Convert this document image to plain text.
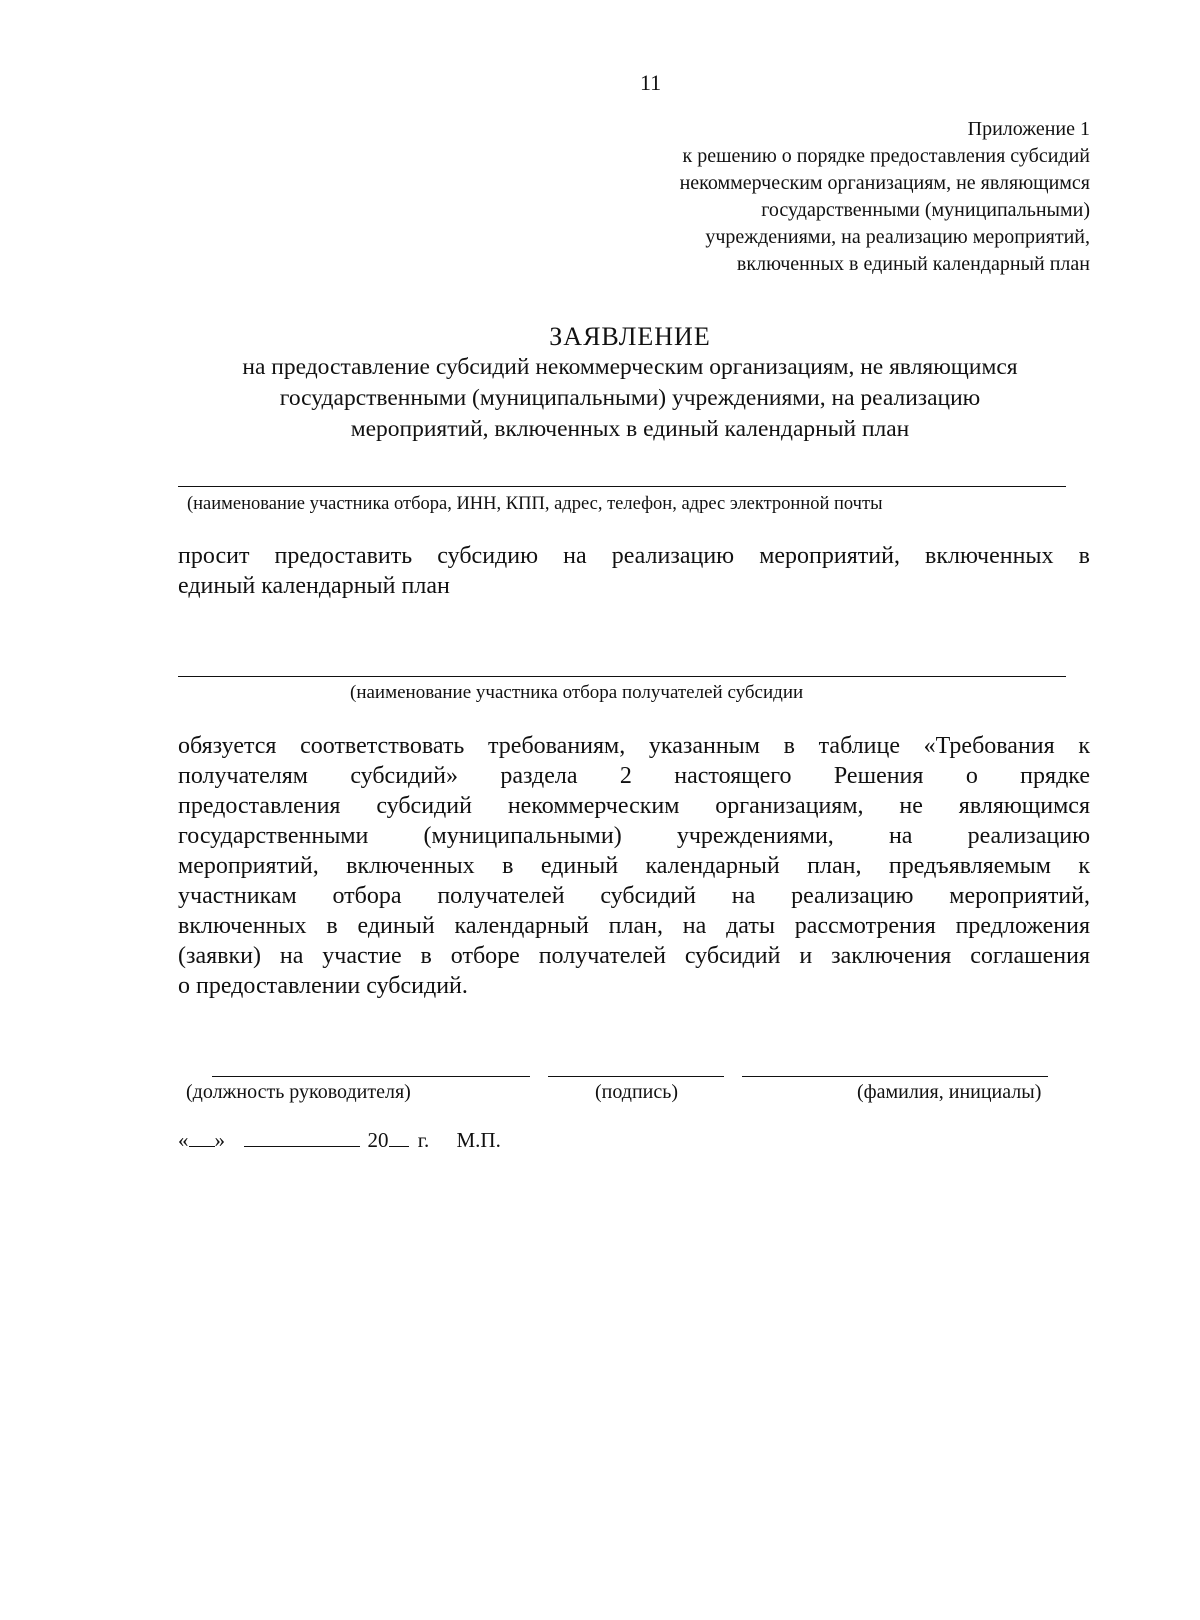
11
Приложение 1
к решению о порядке предоставления субсидий
некоммерческим организациям, не являющимся
государственными (муниципальными)
учреждениями, на реализацию мероприятий,
включенных в единый календарный план
ЗАЯВЛЕНИЕ
на предоставление субсидий некоммерческим организациям, не являющимся
государственными (муниципальными) учреждениями, на реализацию
мероприятий, включенных в единый календарный план
(наименование участника отбора, ИНН, КПП, адрес, телефон, адрес электронной почты
просит предоставить субсидию на реализацию мероприятий, включенных в
единый календарный план
(наименование участника отбора получателей субсидии
обязуется соответствовать требованиям, указанным в таблице «Требования к
получателям субсидий» раздела 2 настоящего Решения о прядке
предоставления субсидий некоммерческим организациям, не являющимся
государственными (муниципальными) учреждениями, на реализацию
мероприятий, включенных в единый календарный план, предъявляемым к
участникам отбора получателей субсидий на реализацию мероприятий,
включенных в единый календарный план, на даты рассмотрения предложения
(заявки) на участие в отборе получателей субсидий и заключения соглашения
о предоставлении субсидий.
(должность руководителя)	(подпись)	(фамилия, инициалы)
« »	20 г. М.П.
